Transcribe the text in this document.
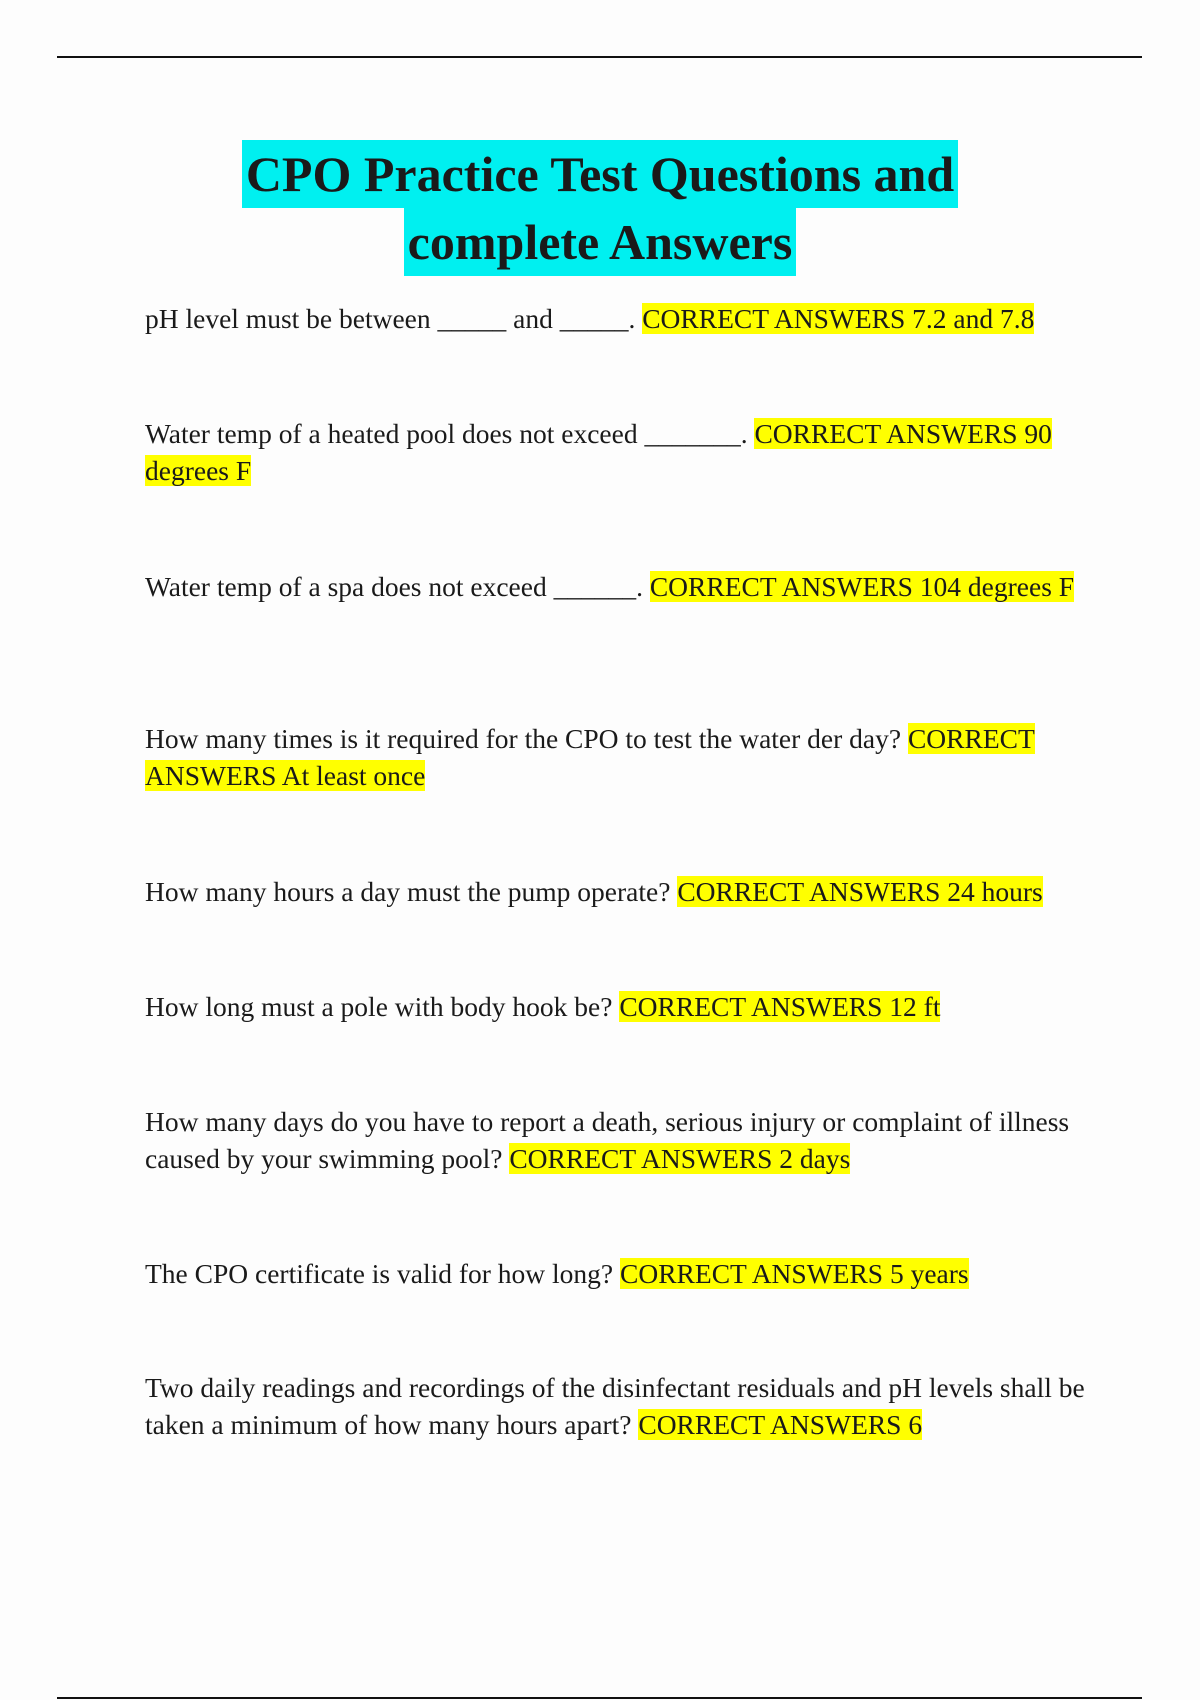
CPO Practice Test Questions and
complete Answers

pH level must be between _____ and _____. CORRECT ANSWERS 7.2 and 7.8

Water temp of a heated pool does not exceed _______. CORRECT ANSWERS 90 degrees F

Water temp of a spa does not exceed ______. CORRECT ANSWERS 104 degrees F

How many times is it required for the CPO to test the water der day? CORRECT ANSWERS At least once

How many hours a day must the pump operate? CORRECT ANSWERS 24 hours

How long must a pole with body hook be? CORRECT ANSWERS 12 ft

How many days do you have to report a death, serious injury or complaint of illness caused by your swimming pool? CORRECT ANSWERS 2 days

The CPO certificate is valid for how long? CORRECT ANSWERS 5 years

Two daily readings and recordings of the disinfectant residuals and pH levels shall be taken a minimum of how many hours apart? CORRECT ANSWERS 6
